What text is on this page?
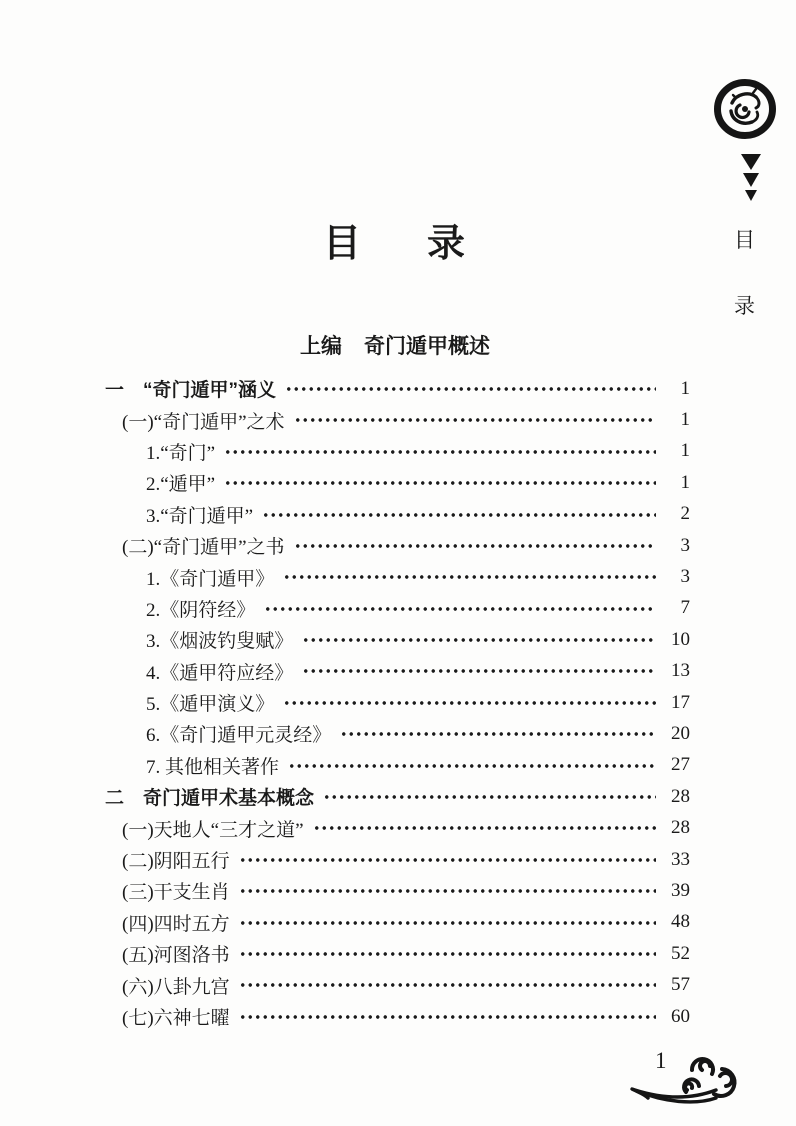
目 录
上编 奇门遁甲概述
一　“奇门遁甲”涵义	1
(一)“奇门遁甲”之术	1
1.“奇门”	1
2.“遁甲”	1
3.“奇门遁甲”	2
(二)“奇门遁甲”之书	3
1.《奇门遁甲》	3
2.《阴符经》	7
3.《烟波钓叟赋》	10
4.《遁甲符应经》	13
5.《遁甲演义》	17
6.《奇门遁甲元灵经》	20
7. 其他相关著作	27
二　奇门遁甲术基本概念	28
(一)天地人“三才之道”	28
(二)阴阳五行	33
(三)干支生肖	39
(四)四时五方	48
(五)河图洛书	52
(六)八卦九宫	57
(七)六神七曜	60
目
录
1
